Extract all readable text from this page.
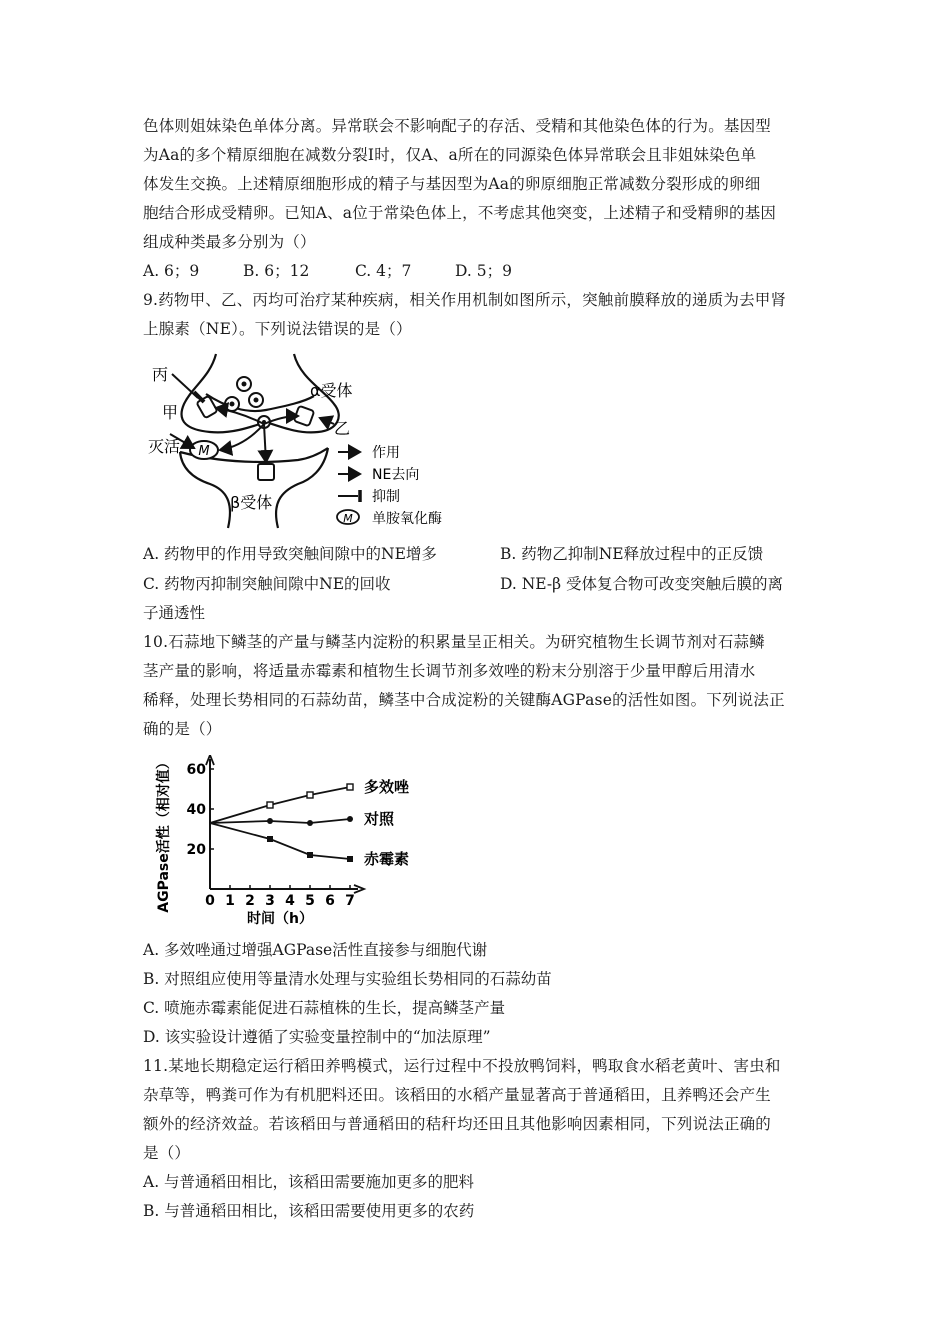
色体则姐妹染色单体分离。异常联会不影响配子的存活、受精和其他染色体的行为。基因型
为Aa的多个精原细胞在减数分裂Ⅰ时，仅A、a所在的同源染色体异常联会且非姐妹染色单
体发生交换。上述精原细胞形成的精子与基因型为Aa的卵原细胞正常减数分裂形成的卵细
胞结合形成受精卵。已知A、a位于常染色体上，不考虑其他突变，上述精子和受精卵的基因
组成种类最多分别为（）
A. 6；9	B. 6；12	C. 4；7	D. 5；9
9.药物甲、乙、丙均可治疗某种疾病，相关作用机制如图所示，突触前膜释放的递质为去甲肾
上腺素（NE）。下列说法错误的是（）
M
丙
甲
灭活
α受体
乙
β受体
作用
NE去向
抑制
M 单胺氧化酶
A. 药物甲的作用导致突触间隙中的NE增多	B. 药物乙抑制NE释放过程中的正反馈
C. 药物丙抑制突触间隙中NE的回收	D. NE-β 受体复合物可改变突触后膜的离
子通透性
10.石蒜地下鳞茎的产量与鳞茎内淀粉的积累量呈正相关。为研究植物生长调节剂对石蒜鳞
茎产量的影响，将适量赤霉素和植物生长调节剂多效唑的粉末分别溶于少量甲醇后用清水
稀释，处理长势相同的石蒜幼苗，鳞茎中合成淀粉的关键酶AGPase的活性如图。下列说法正
确的是（）
0 1 2 3 4 5 6 7
20
40
60
时间（h）
AGPase活性（相对值）	多效唑
对照
赤霉素
A. 多效唑通过增强AGPase活性直接参与细胞代谢
B. 对照组应使用等量清水处理与实验组长势相同的石蒜幼苗
C. 喷施赤霉素能促进石蒜植株的生长，提高鳞茎产量
D. 该实验设计遵循了实验变量控制中的“加法原理”
11.某地长期稳定运行稻田养鸭模式，运行过程中不投放鸭饲料，鸭取食水稻老黄叶、害虫和
杂草等，鸭粪可作为有机肥料还田。该稻田的水稻产量显著高于普通稻田，且养鸭还会产生
额外的经济效益。若该稻田与普通稻田的秸秆均还田且其他影响因素相同，下列说法正确的
是（）
A. 与普通稻田相比，该稻田需要施加更多的肥料
B. 与普通稻田相比，该稻田需要使用更多的农药
